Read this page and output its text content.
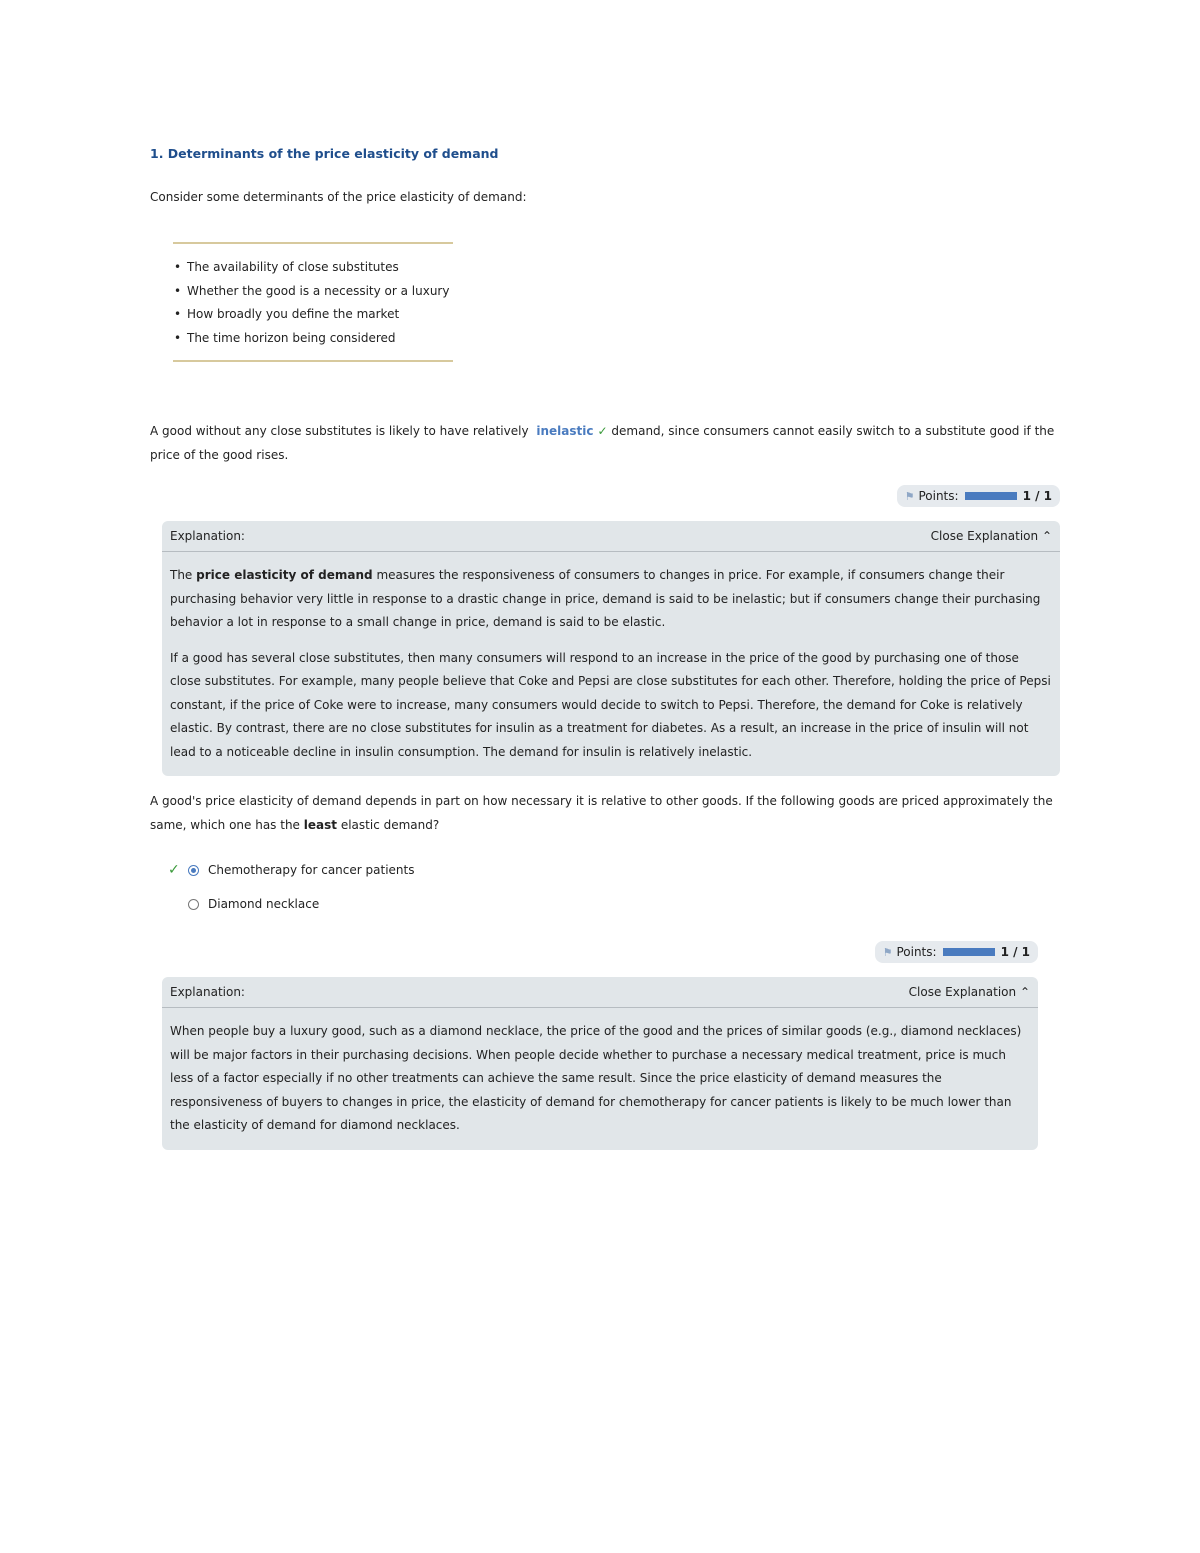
1. Determinants of the price elasticity of demand

Consider some determinants of the price elasticity of demand:

• The availability of close substitutes
• Whether the good is a necessity or a luxury
• How broadly you define the market
• The time horizon being considered

A good without any close substitutes is likely to have relatively inelastic ✓ demand, since consumers cannot easily switch to a substitute good if the price of the good rises.

⚑ Points:	1 / 1
Explanation:	Close Explanation ⌃

The price elasticity of demand measures the responsiveness of consumers to changes in price. For example, if consumers change their purchasing behavior very little in response to a drastic change in price, demand is said to be inelastic; but if consumers change their purchasing behavior a lot in response to a small change in price, demand is said to be elastic.

If a good has several close substitutes, then many consumers will respond to an increase in the price of the good by purchasing one of those close substitutes. For example, many people believe that Coke and Pepsi are close substitutes for each other. Therefore, holding the price of Pepsi constant, if the price of Coke were to increase, many consumers would decide to switch to Pepsi. Therefore, the demand for Coke is relatively elastic. By contrast, there are no close substitutes for insulin as a treatment for diabetes. As a result, an increase in the price of insulin will not lead to a noticeable decline in insulin consumption. The demand for insulin is relatively inelastic.

A good's price elasticity of demand depends in part on how necessary it is relative to other goods. If the following goods are priced approximately the same, which one has the least elastic demand?

✓	Chemotherapy for cancer patients
Diamond necklace
⚑ Points:	1 / 1
Explanation:	Close Explanation ⌃

When people buy a luxury good, such as a diamond necklace, the price of the good and the prices of similar goods (e.g., diamond necklaces) will be major factors in their purchasing decisions. When people decide whether to purchase a necessary medical treatment, price is much less of a factor especially if no other treatments can achieve the same result. Since the price elasticity of demand measures the responsiveness of buyers to changes in price, the elasticity of demand for chemotherapy for cancer patients is likely to be much lower than the elasticity of demand for diamond necklaces.
